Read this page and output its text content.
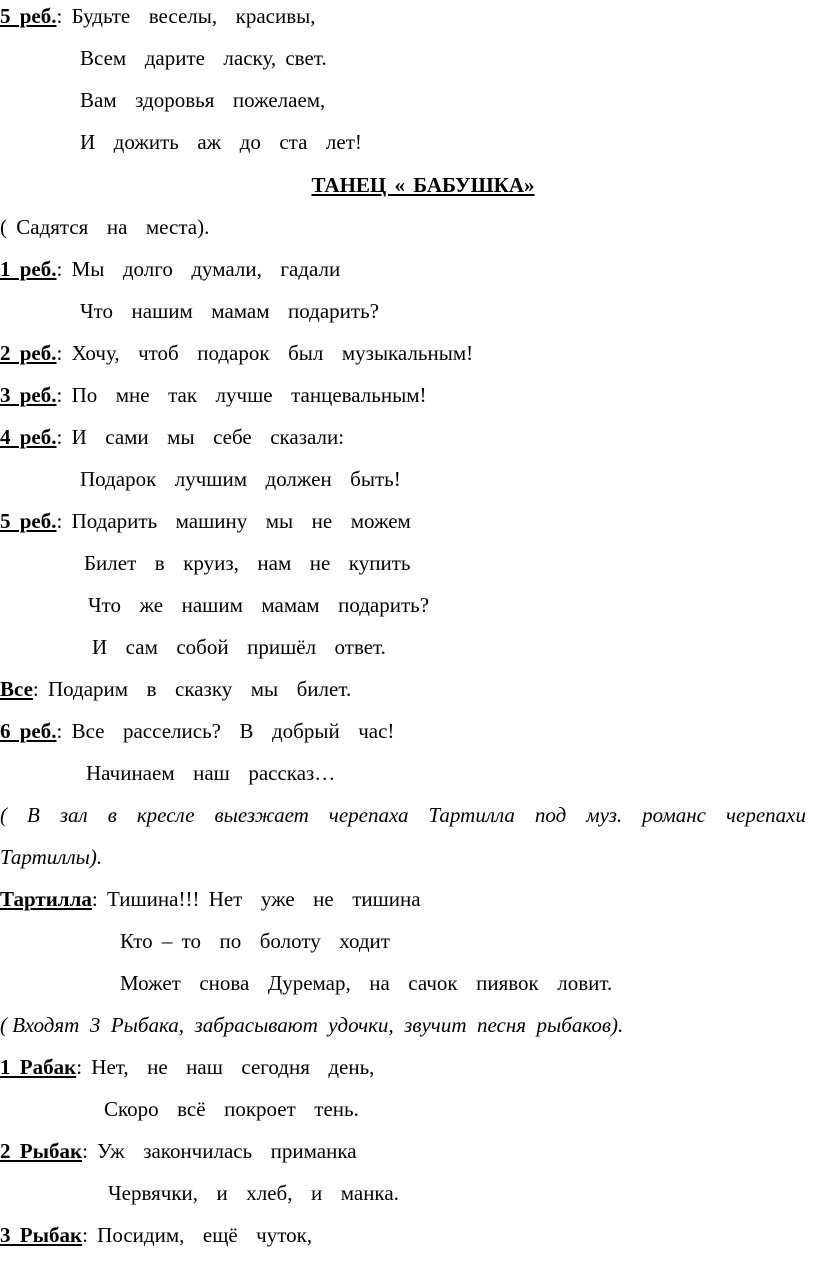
5 реб.: Будьте  веселы,  красивы,
Всем  дарите  ласку, свет.
Вам  здоровья  пожелаем,
И  дожить  аж  до  ста  лет!
ТАНЕЦ « БАБУШКА»
( Садятся  на  места).
1 реб.: Мы  долго  думали,  гадали
Что  нашим  мамам  подарить?
2 реб.: Хочу,  чтоб  подарок  был  музыкальным!
3 реб.: По  мне  так  лучше  танцевальным!
4 реб.: И  сами  мы  себе  сказали:
Подарок  лучшим  должен  быть!
5 реб.: Подарить  машину  мы  не  можем
Билет  в  круиз,  нам  не  купить
Что  же  нашим  мамам  подарить?
И  сам  собой  пришёл  ответ.
Все: Подарим  в  сказку  мы  билет.
6 реб.: Все  расселись?  В  добрый  час!
Начинаем  наш  рассказ…
( В зал в кресле выезжает черепаха Тартилла под муз. романс черепахи
Тартиллы).
Тартилла: Тишина!!! Нет  уже  не  тишина
Кто – то  по  болоту  ходит
Может  снова  Дуремар,  на  сачок  пиявок  ловит.
( Входят  3  Рыбака,  забрасывают  удочки,  звучит  песня  рыбаков).
1 Рабак: Нет,  не  наш  сегодня  день,
Скоро  всё  покроет  тень.
2 Рыбак: Уж  закончилась  приманка
Червячки,  и  хлеб,  и  манка.
3 Рыбак: Посидим,  ещё  чуток,
